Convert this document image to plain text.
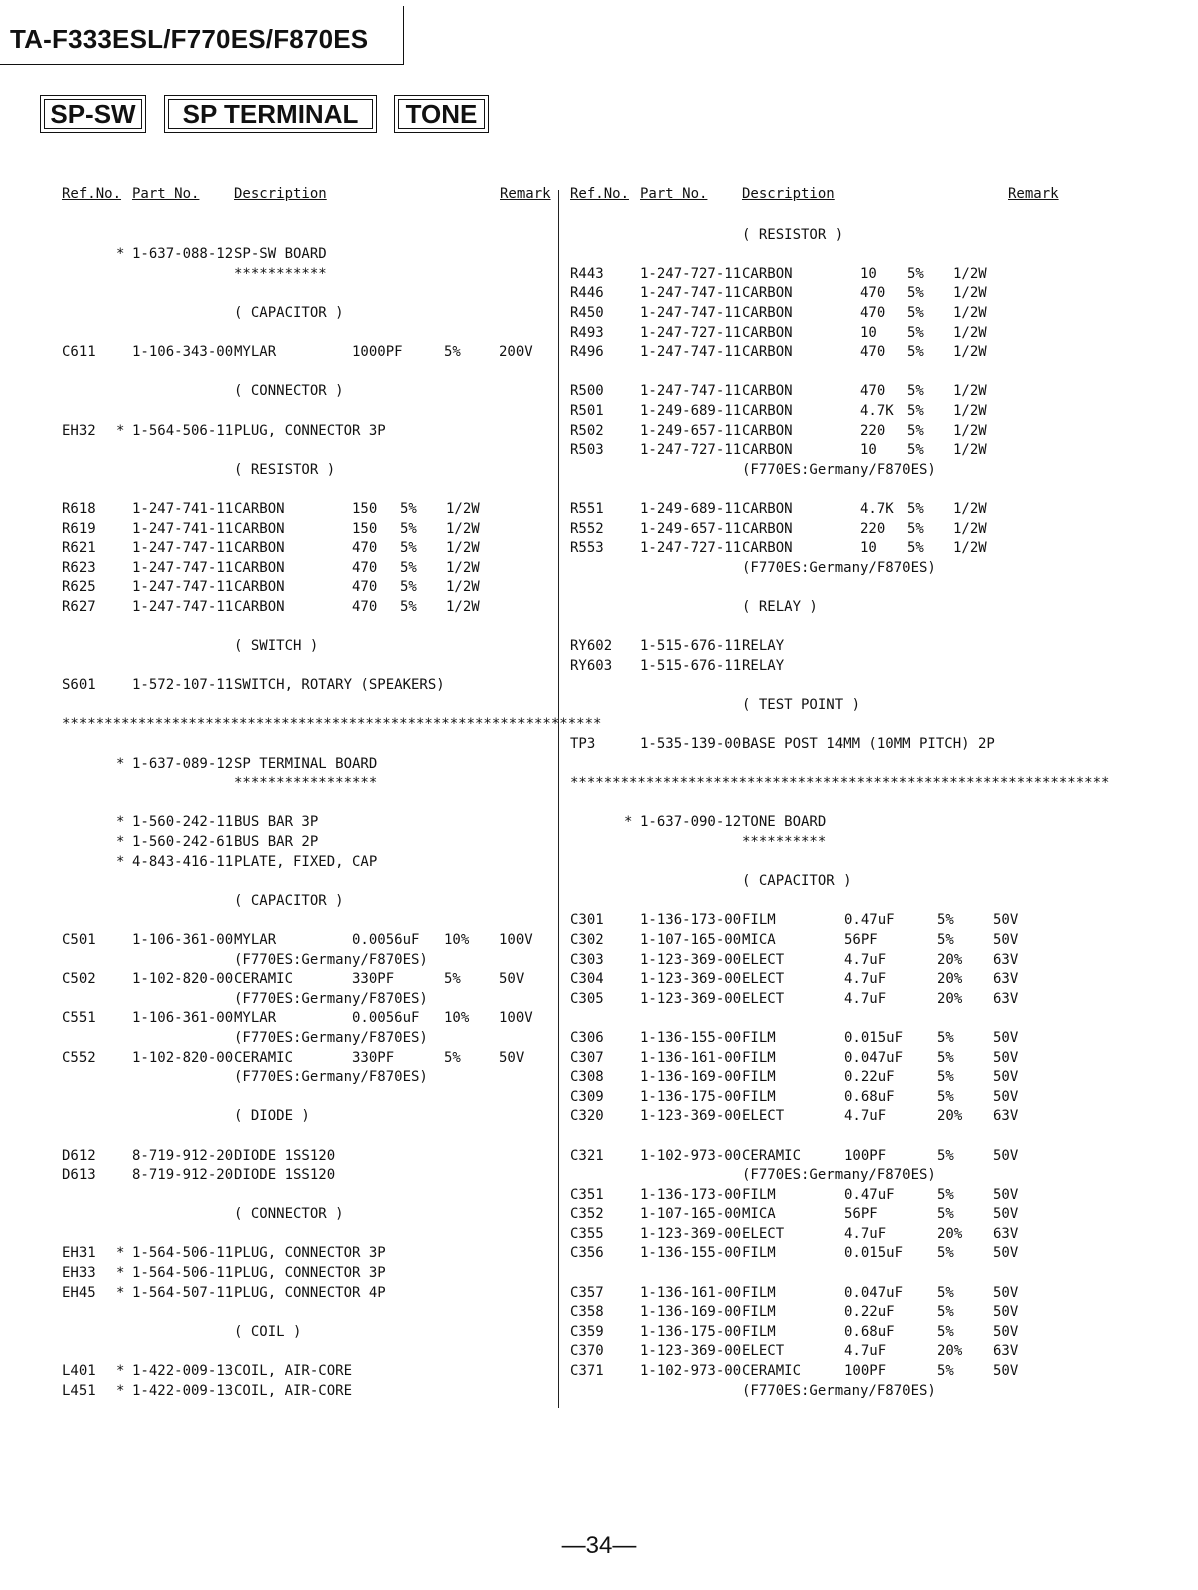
TA-F333ESL/F770ES/F870ES
SP-SW	SP TERMINAL	TONE
Ref.No. Part No. Description	Remark
* 1-637-088-12 SP-SW BOARD
***********
( CAPACITOR )
C611	1-106-343-00 MYLAR	1000PF	5%	200V
( CONNECTOR )
EH32 * 1-564-506-11 PLUG, CONNECTOR 3P
( RESISTOR )
R618	1-247-741-11 CARBON	150 5% 1/2W
R619	1-247-741-11 CARBON	150 5% 1/2W
R621	1-247-747-11 CARBON	470 5% 1/2W
R623	1-247-747-11 CARBON	470 5% 1/2W
R625	1-247-747-11 CARBON	470 5% 1/2W
R627	1-247-747-11 CARBON	470 5% 1/2W
( SWITCH )
S601	1-572-107-11 SWITCH, ROTARY (SPEAKERS)
****************************************************************
* 1-637-089-12 SP TERMINAL BOARD
*****************
* 1-560-242-11 BUS BAR 3P
* 1-560-242-61 BUS BAR 2P
* 4-843-416-11 PLATE, FIXED, CAP
( CAPACITOR )
C501	1-106-361-00 MYLAR	0.0056uF 10% 100V
(F770ES:Germany/F870ES)
C502	1-102-820-00 CERAMIC	330PF	5%	50V
(F770ES:Germany/F870ES)
C551	1-106-361-00 MYLAR	0.0056uF 10% 100V
(F770ES:Germany/F870ES)
C552	1-102-820-00 CERAMIC	330PF	5%	50V
(F770ES:Germany/F870ES)
( DIODE )
D612	8-719-912-20 DIODE 1SS120
D613	8-719-912-20 DIODE 1SS120
( CONNECTOR )
EH31 * 1-564-506-11 PLUG, CONNECTOR 3P
EH33 * 1-564-506-11 PLUG, CONNECTOR 3P
EH45 * 1-564-507-11 PLUG, CONNECTOR 4P
( COIL )
L401 * 1-422-009-13 COIL, AIR-CORE
L451 * 1-422-009-13 COIL, AIR-CORE
Ref.No. Part No. Description	Remark
( RESISTOR )
R443	1-247-727-11 CARBON	10 5% 1/2W
R446	1-247-747-11 CARBON	470 5% 1/2W
R450	1-247-747-11 CARBON	470 5% 1/2W
R493	1-247-727-11 CARBON	10 5% 1/2W
R496	1-247-747-11 CARBON	470 5% 1/2W
R500	1-247-747-11 CARBON	470 5% 1/2W
R501	1-249-689-11 CARBON	4.7K 5% 1/2W
R502	1-249-657-11 CARBON	220 5% 1/2W
R503	1-247-727-11 CARBON	10 5% 1/2W
(F770ES:Germany/F870ES)
R551	1-249-689-11 CARBON	4.7K 5% 1/2W
R552	1-249-657-11 CARBON	220 5% 1/2W
R553	1-247-727-11 CARBON	10 5% 1/2W
(F770ES:Germany/F870ES)
( RELAY )
RY602 1-515-676-11 RELAY
RY603 1-515-676-11 RELAY
( TEST POINT )
TP3	1-535-139-00 BASE POST 14MM (10MM PITCH) 2P
****************************************************************
* 1-637-090-12 TONE BOARD
**********
( CAPACITOR )
C301	1-136-173-00 FILM	0.47uF	5%	50V
C302	1-107-165-00 MICA	56PF	5%	50V
C303	1-123-369-00 ELECT	4.7uF	20% 63V
C304	1-123-369-00 ELECT	4.7uF	20% 63V
C305	1-123-369-00 ELECT	4.7uF	20% 63V
C306	1-136-155-00 FILM	0.015uF 5%	50V
C307	1-136-161-00 FILM	0.047uF 5%	50V
C308	1-136-169-00 FILM	0.22uF	5%	50V
C309	1-136-175-00 FILM	0.68uF	5%	50V
C320	1-123-369-00 ELECT	4.7uF	20% 63V
C321	1-102-973-00 CERAMIC	100PF	5%	50V
(F770ES:Germany/F870ES)
C351	1-136-173-00 FILM	0.47uF	5%	50V
C352	1-107-165-00 MICA	56PF	5%	50V
C355	1-123-369-00 ELECT	4.7uF	20% 63V
C356	1-136-155-00 FILM	0.015uF 5%	50V
C357	1-136-161-00 FILM	0.047uF 5%	50V
C358	1-136-169-00 FILM	0.22uF	5%	50V
C359	1-136-175-00 FILM	0.68uF	5%	50V
C370	1-123-369-00 ELECT	4.7uF	20% 63V
C371	1-102-973-00 CERAMIC	100PF	5%	50V
(F770ES:Germany/F870ES)
—34—
